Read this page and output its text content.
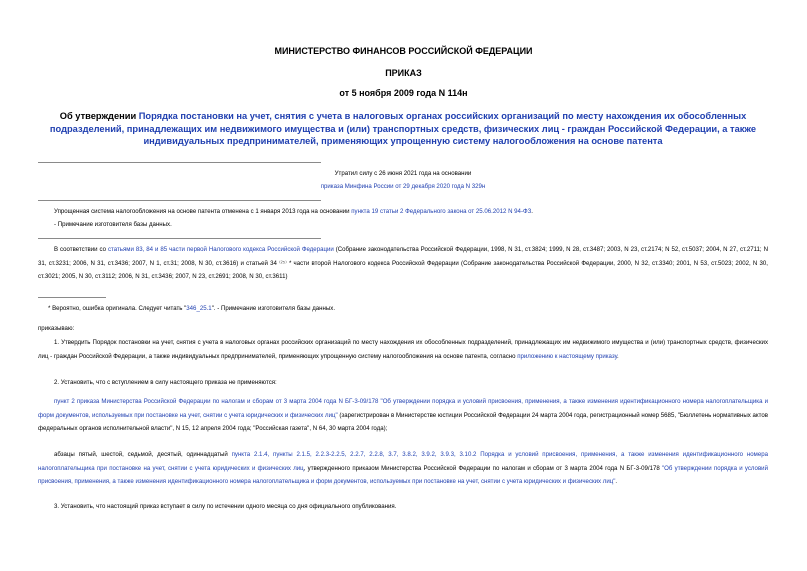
МИНИСТЕРСТВО ФИНАНСОВ РОССИЙСКОЙ ФЕДЕРАЦИИ
ПРИКАЗ
от 5 ноября 2009 года N 114н
Об утверждении Порядка постановки на учет, снятия с учета в налоговых органах российских организаций по месту нахождения их обособленных подразделений, принадлежащих им недвижимого имущества и (или) транспортных средств, физических лиц - граждан Российской Федерации, а также индивидуальных предпринимателей, применяющих упрощенную систему налогообложения на основе патента
Утратил силу с 26 июня 2021 года на основании
приказа Минфина России от 29 декабря 2020 года N 329н
Упрощенная система налогообложения на основе патента отменена с 1 января 2013 года на основании пункта 19 статьи 2 Федерального закона от 25.06.2012 N 94-ФЗ.
- Примечание изготовителя базы данных.
В соответствии со статьями 83, 84 и 85 части первой Налогового кодекса Российской Федерации (Собрание законодательства Российской Федерации, 1998, N 31, ст.3824; 1999, N 28, ст.3487; 2003, N 23, ст.2174; N 52, ст.5037; 2004, N 27, ст.2711; N 31, ст.3231; 2006, N 31, ст.3436; 2007, N 1, ст.31; 2008, N 30, ст.3616) и статьей 34 ⁽²⁵⁾ * части второй Налогового кодекса Российской Федерации (Собрание законодательства Российской Федерации, 2000, N 32, ст.3340; 2001, N 53, ст.5023; 2002, N 30, ст.3021; 2005, N 30, ст.3112; 2006, N 31, ст.3436; 2007, N 23, ст.2691; 2008, N 30, ст.3611)
* Вероятно, ошибка оригинала. Следует читать "346_25.1". - Примечание изготовителя базы данных.
приказываю:
1. Утвердить Порядок постановки на учет, снятия с учета в налоговых органах российских организаций по месту нахождения их обособленных подразделений, принадлежащих им недвижимого имущества и (или) транспортных средств, физических лиц - граждан Российской Федерации, а также индивидуальных предпринимателей, применяющих упрощенную систему налогообложения на основе патента, согласно приложению к настоящему приказу.
2. Установить, что с вступлением в силу настоящего приказа не применяются:
пункт 2 приказа Министерства Российской Федерации по налогам и сборам от 3 марта 2004 года N БГ-3-09/178 "Об утверждении порядка и условий присвоения, применения, а также изменения идентификационного номера налогоплательщика и форм документов, используемых при постановке на учет, снятии с учета юридических и физических лиц" (зарегистрирован в Министерстве юстиции Российской Федерации 24 марта 2004 года, регистрационный номер 5685, "Бюллетень нормативных актов федеральных органов исполнительной власти", N 15, 12 апреля 2004 года; "Российская газета", N 64, 30 марта 2004 года);
абзацы пятый, шестой, седьмой, десятый, одиннадцатый пункта 2.1.4, пункты 2.1.5, 2.2.3-2.2.5, 2.2.7, 2.2.8, 3.7, 3.8.2, 3.9.2, 3.9.3, 3.10.2 Порядка и условий присвоения, применения, а также изменения идентификационного номера налогоплательщика при постановке на учет, снятии с учета юридических и физических лиц, утвержденного приказом Министерства Российской Федерации по налогам и сборам от 3 марта 2004 года N БГ-3-09/178 "Об утверждении порядка и условий присвоения, применения, а также изменения идентификационного номера налогоплательщика и форм документов, используемых при постановке на учет, снятии с учета юридических и физических лиц".
3. Установить, что настоящий приказ вступает в силу по истечении одного месяца со дня официального опубликования.
